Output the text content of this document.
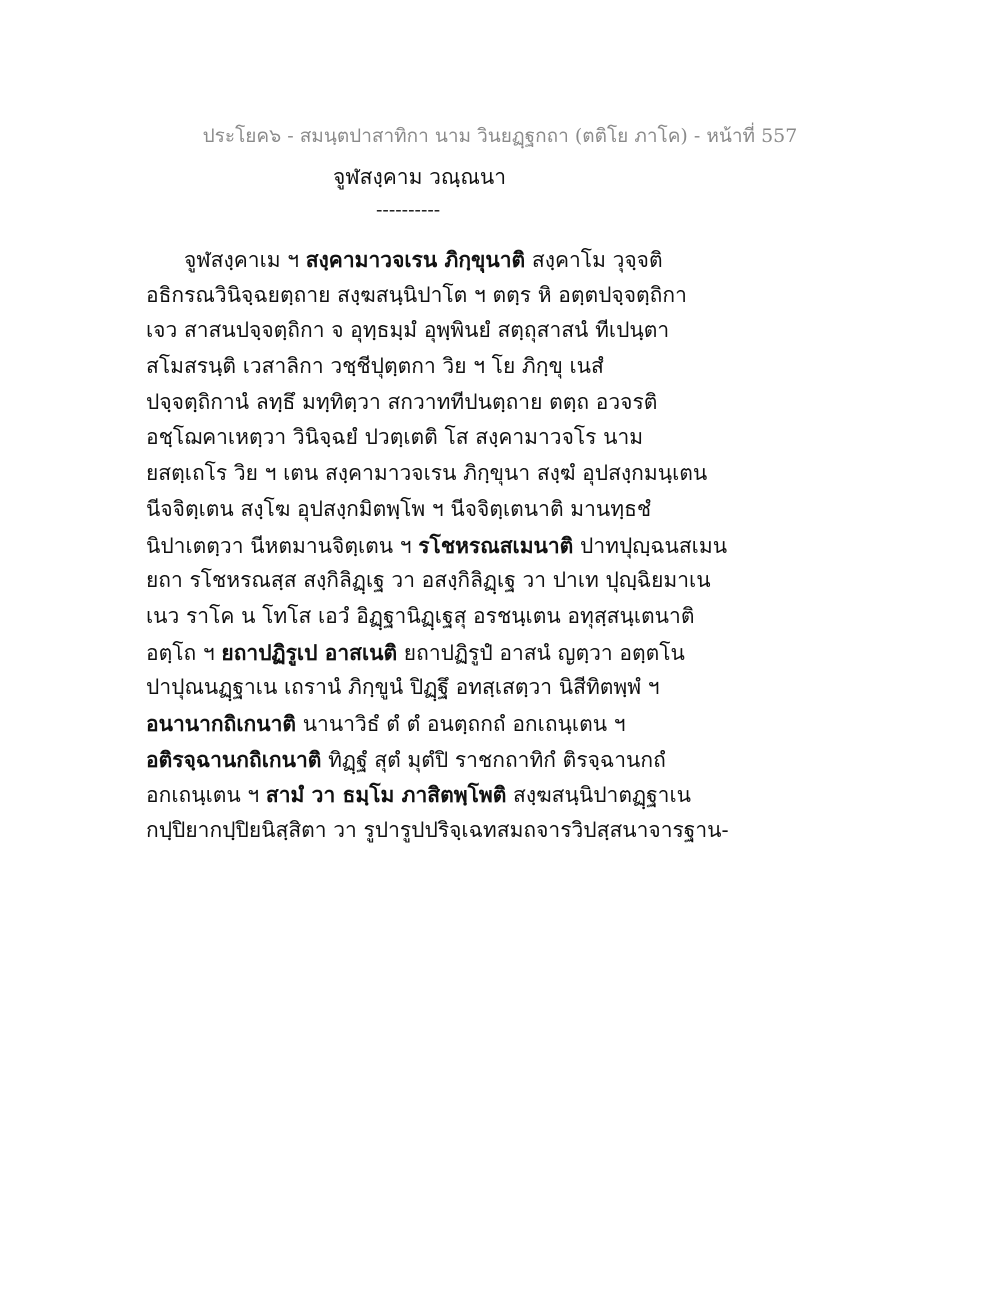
ประโยค๖ - สมนฺตปาสาทิกา นาม วินยฏฺฐกถา (ตติโย ภาโค) - หน้าที่ 557
จูฬสงฺคาม วณฺณนา
----------
จูฬสงฺคาเม ฯ สงฺคามาวจเรน ภิกฺขุนาติ สงฺคาโม วุจฺจติ
อธิกรณวินิจฺฉยตฺถาย สงฺฆสนฺนิปาโต ฯ ตตฺร หิ อตฺตปจฺจตฺถิกา
เจว สาสนปจฺจตฺถิกา จ อุทฺธมฺมํ อุพฺพินยํ สตฺถุสาสนํ ทีเปนฺตา
สโมสรนฺติ เวสาลิกา วชฺชีปุตฺตกา วิย ฯ โย ภิกฺขุ เนสํ
ปจฺจตฺถิกานํ ลทฺธึ มทฺทิตฺวา สกวาททีปนตฺถาย ตตฺถ อวจรติ
อชฺโฌคาเหตฺวา วินิจฺฉยํ ปวตฺเตติ โส สงฺคามาวจโร นาม
ยสตฺเถโร วิย ฯ เตน สงฺคามาวจเรน ภิกฺขุนา สงฺฆํ อุปสงฺกมนฺเตน
นีจจิตฺเตน สงฺโฆ อุปสงฺกมิตพฺโพ ฯ นีจจิตฺเตนาติ มานทฺธชํ
นิปาเตตฺวา นีหตมานจิตฺเตน ฯ รโชหรณสเมนาติ ปาทปุญฺฉนสเมน
ยถา รโชหรณสฺส สงฺกิลิฏฺเฐ วา อสงฺกิลิฏฺเฐ วา ปาเท ปุญฺฉิยมาเน
เนว ราโค น โทโส เอวํ อิฏฺฐานิฏฺเฐสุ อรชนฺเตน อทุสฺสนฺเตนาติ
อตฺโถ ฯ ยถาปฏิรูเป อาสเนติ ยถาปฏิรูปํ อาสนํ ญตฺวา อตฺตโน
ปาปุณนฏฺฐาเน เถรานํ ภิกฺขูนํ ปิฏฺฐึ อทสฺเสตฺวา นิสีทิตพฺพํ ฯ
อนานากถิเกนาติ นานาวิธํ ตํ ตํ อนตฺถกถํ อกเถนฺเตน ฯ
อติรจฺฉานกถิเกนาติ ทิฏฺฐํ สุตํ มุตํปิ ราชกถาทิกํ ติรจฺฉานกถํ
อกเถนฺเตน ฯ สามํ วา ธมฺโม ภาสิตพฺโพติ สงฺฆสนฺนิปาตฏฺฐาเน
กปฺปิยากปฺปิยนิสฺสิตา วา รูปารูปปริจฺเฉทสมถจารวิปสฺสนาจารฐาน-
